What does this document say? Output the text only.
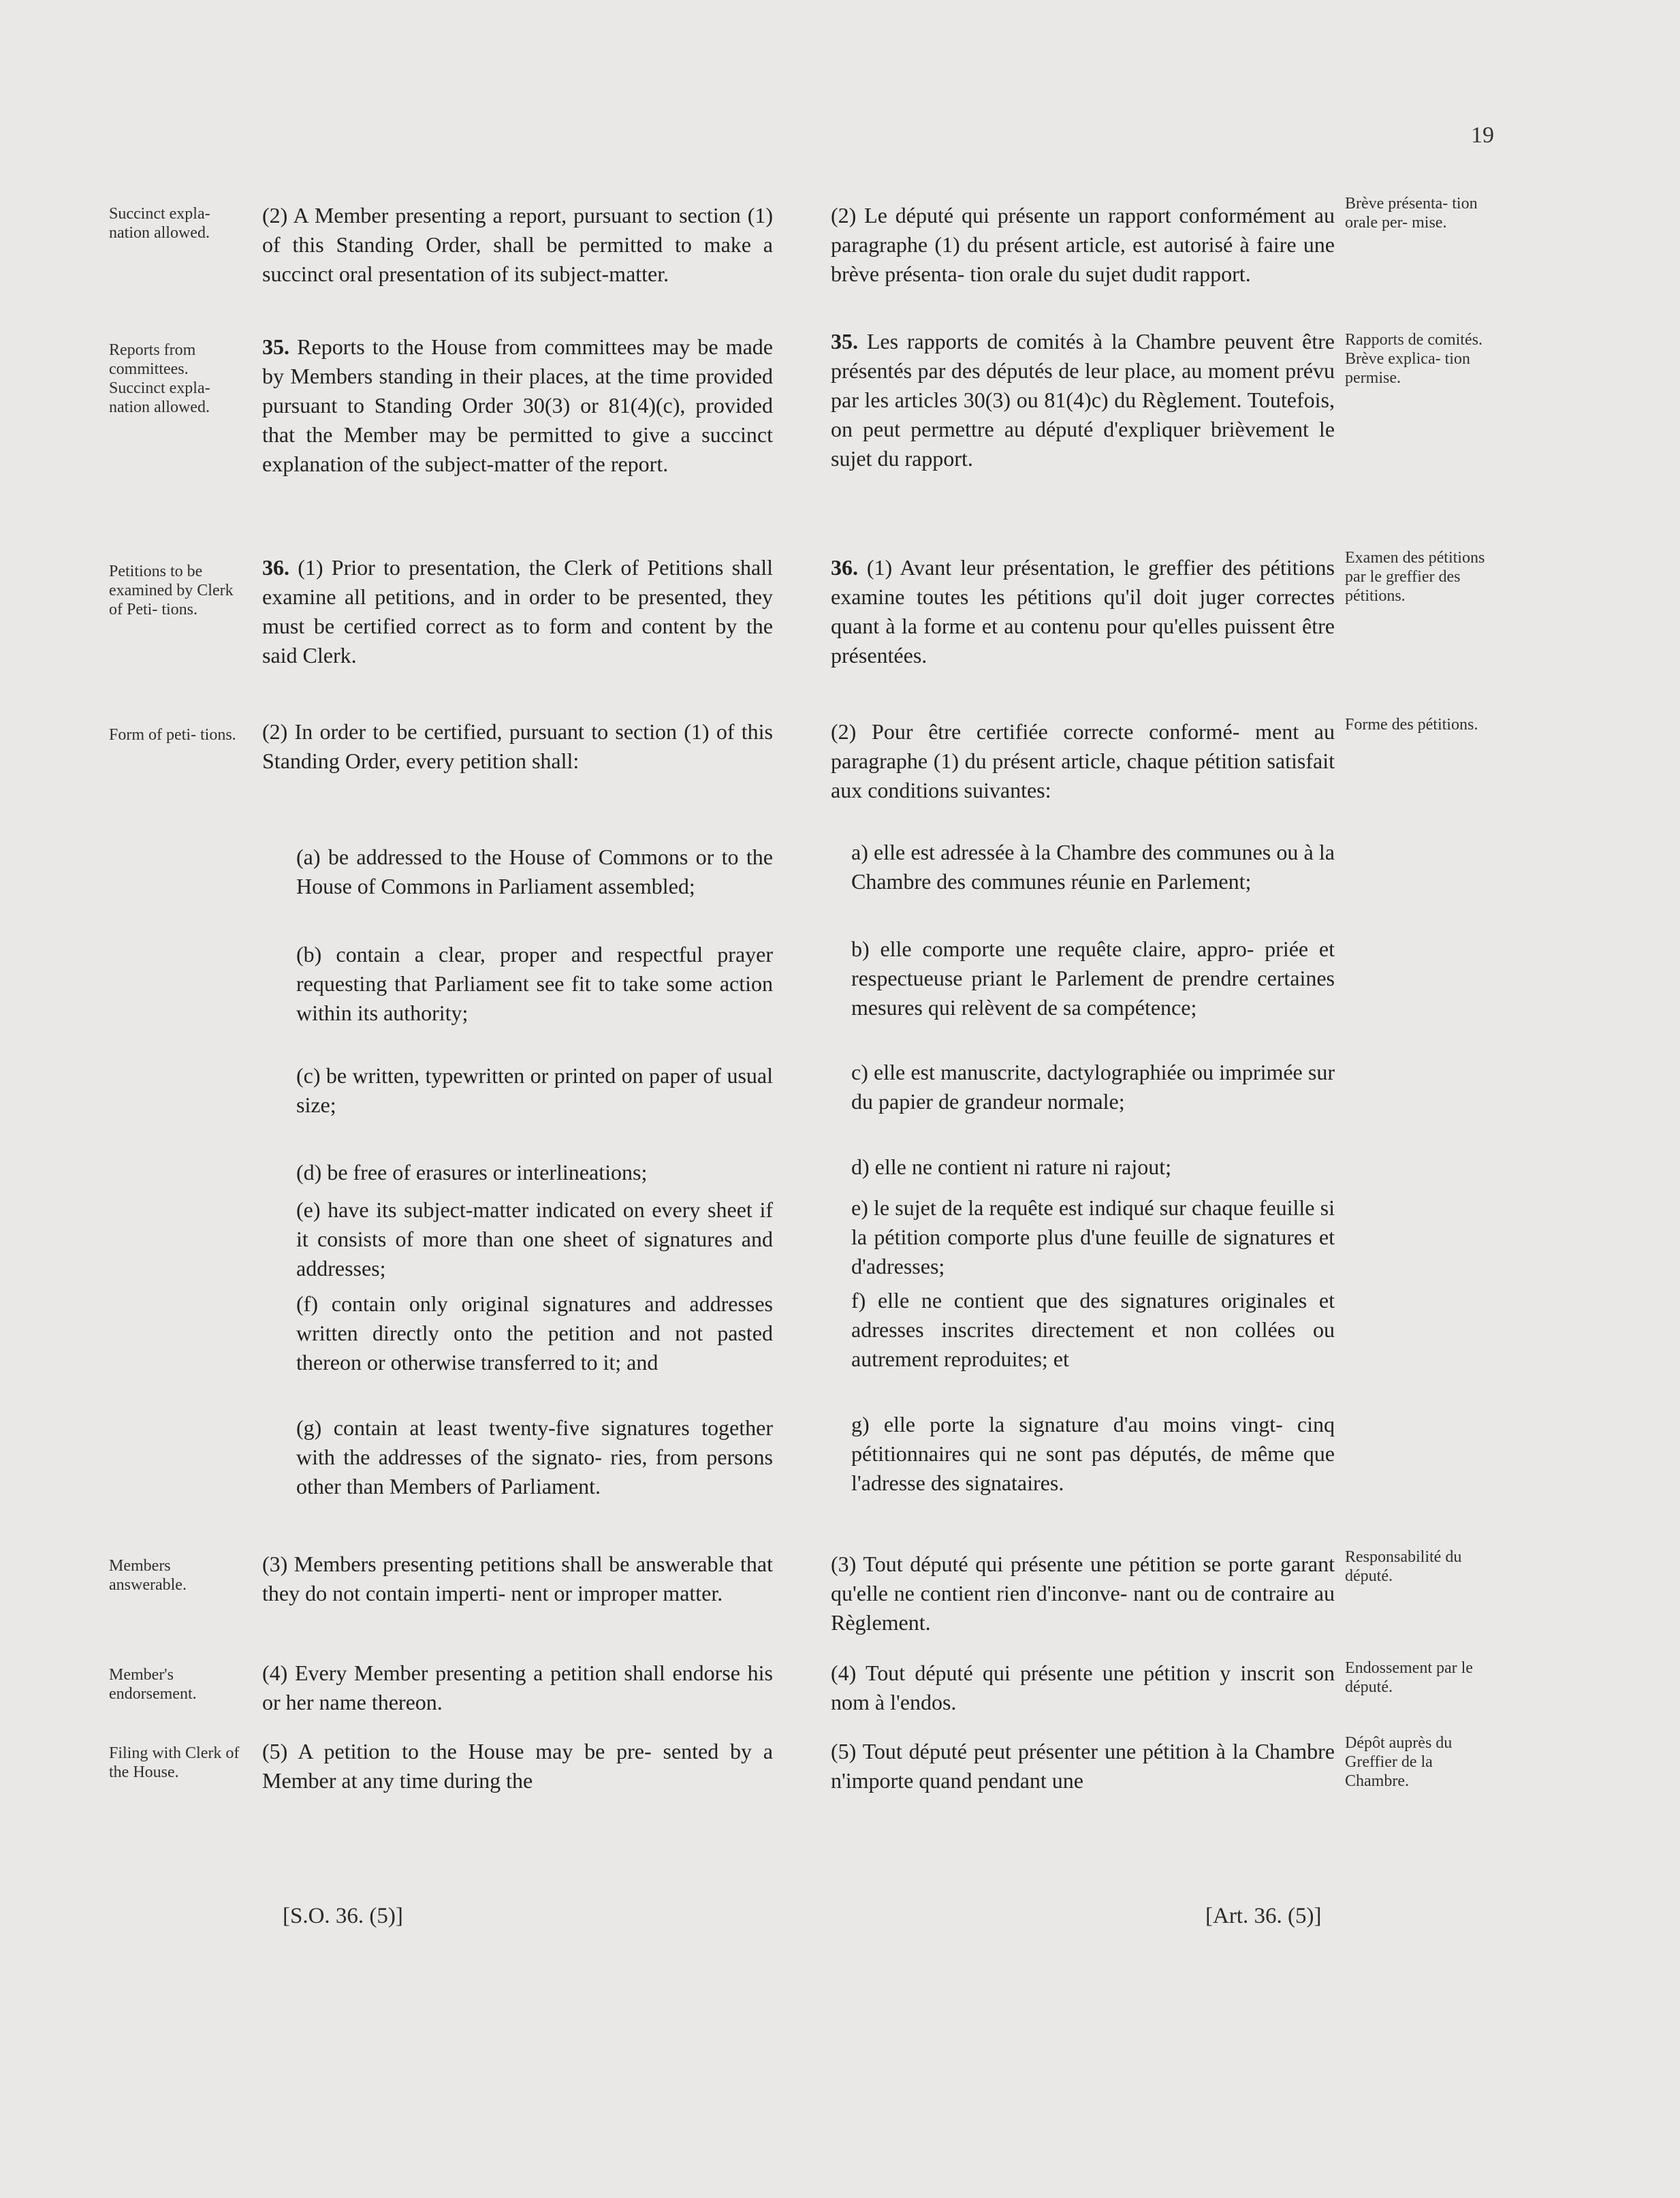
19
Succinct expla- nation allowed.
Reports from committees. Succinct expla- nation allowed.
Petitions to be examined by Clerk of Peti- tions.
Form of peti- tions.
Members answerable.
Member's endorsement.
Filing with Clerk of the House.
(2) A Member presenting a report, pursuant to section (1) of this Standing Order, shall be permitted to make a succinct oral presentation of its subject-matter.
35. Reports to the House from committees may be made by Members standing in their places, at the time provided pursuant to Standing Order 30(3) or 81(4)(c), provided that the Member may be permitted to give a succinct explanation of the subject-matter of the report.
36. (1) Prior to presentation, the Clerk of Petitions shall examine all petitions, and in order to be presented, they must be certified correct as to form and content by the said Clerk.
(2) In order to be certified, pursuant to section (1) of this Standing Order, every petition shall:
(a) be addressed to the House of Commons or to the House of Commons in Parliament assembled;
(b) contain a clear, proper and respectful prayer requesting that Parliament see fit to take some action within its authority;
(c) be written, typewritten or printed on paper of usual size;
(d) be free of erasures or interlineations;
(e) have its subject-matter indicated on every sheet if it consists of more than one sheet of signatures and addresses;
(f) contain only original signatures and addresses written directly onto the petition and not pasted thereon or otherwise transferred to it; and
(g) contain at least twenty-five signatures together with the addresses of the signato- ries, from persons other than Members of Parliament.
(3) Members presenting petitions shall be answerable that they do not contain imperti- nent or improper matter.
(4) Every Member presenting a petition shall endorse his or her name thereon.
(5) A petition to the House may be pre- sented by a Member at any time during the
(2) Le député qui présente un rapport conformément au paragraphe (1) du présent article, est autorisé à faire une brève présenta- tion orale du sujet dudit rapport.
35. Les rapports de comités à la Chambre peuvent être présentés par des députés de leur place, au moment prévu par les articles 30(3) ou 81(4)c) du Règlement. Toutefois, on peut permettre au député d'expliquer brièvement le sujet du rapport.
36. (1) Avant leur présentation, le greffier des pétitions examine toutes les pétitions qu'il doit juger correctes quant à la forme et au contenu pour qu'elles puissent être présentées.
(2) Pour être certifiée correcte conformé- ment au paragraphe (1) du présent article, chaque pétition satisfait aux conditions suivantes:
a) elle est adressée à la Chambre des communes ou à la Chambre des communes réunie en Parlement;
b) elle comporte une requête claire, appro- priée et respectueuse priant le Parlement de prendre certaines mesures qui relèvent de sa compétence;
c) elle est manuscrite, dactylographiée ou imprimée sur du papier de grandeur normale;
d) elle ne contient ni rature ni rajout;
e) le sujet de la requête est indiqué sur chaque feuille si la pétition comporte plus d'une feuille de signatures et d'adresses;
f) elle ne contient que des signatures originales et adresses inscrites directement et non collées ou autrement reproduites; et
g) elle porte la signature d'au moins vingt- cinq pétitionnaires qui ne sont pas députés, de même que l'adresse des signataires.
(3) Tout député qui présente une pétition se porte garant qu'elle ne contient rien d'inconve- nant ou de contraire au Règlement.
(4) Tout député qui présente une pétition y inscrit son nom à l'endos.
(5) Tout député peut présenter une pétition à la Chambre n'importe quand pendant une
Brève présenta- tion orale per- mise.
Rapports de comités. Brève explica- tion permise.
Examen des pétitions par le greffier des pétitions.
Forme des pétitions.
Responsabilité du député.
Endossement par le député.
Dépôt auprès du Greffier de la Chambre.
[S.O. 36. (5)]	[Art. 36. (5)]
